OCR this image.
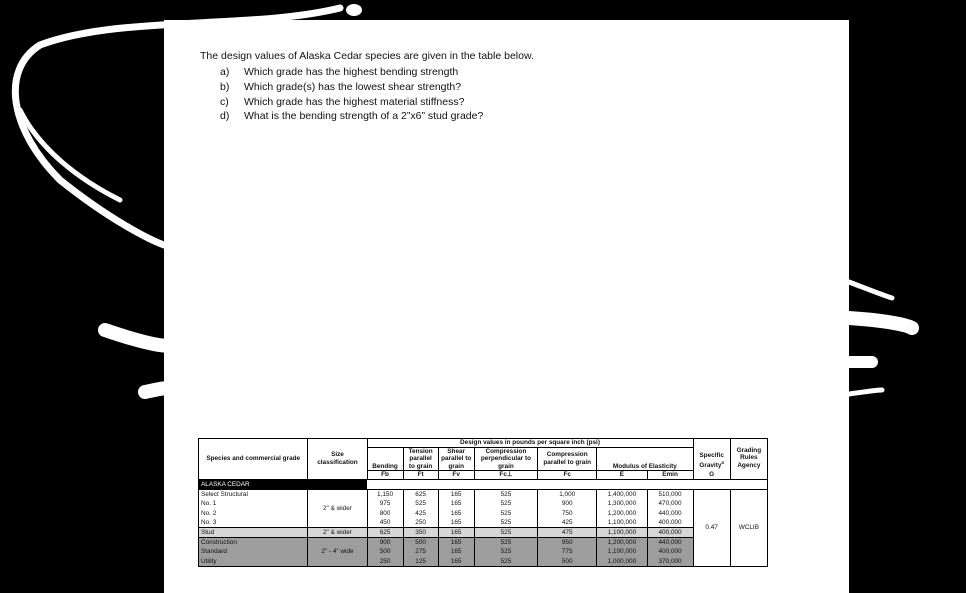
The design values of Alaska Cedar species are given in the table below.
a) Which grade has the highest bending strength
b) Which grade(s) has the lowest shear strength?
c) Which grade has the highest material stiffness?
d) What is the bending strength of a 2”x6” stud grade?
Species and commercial grade	Size classification	Design values in pounds per square inch (psi)							Specific Gravity$^4$	Grading Rules Agency
		Bending	Tension parallel to grain	Shear parallel to grain	Compression perpendicular to grain	Compression parallel to grain	Modulus of Elasticity			

		Fb	Ft	Fv	Fc⊥	Fc	E	Emin	G	
ALASKA CEDAR										
Select Structural	2" & wider	1,150	625	165	525	1,000	1,400,000	510,000	0.47	WCLIB
No. 1		975	525	165	525	900	1,300,000	470,000		
No. 2		800	425	165	525	750	1,200,000	440,000		
No. 3		450	250	165	525	425	1,100,000	400,000		
Stud	2" & wider	625	350	165	525	475	1,100,000	400,000		
Construction	2" - 4" wide	900	500	165	525	950	1,200,000	440,000		
Standard		500	275	165	525	775	1,100,000	400,000		
Utility		250	125	165	525	500	1,000,000	370,000		
